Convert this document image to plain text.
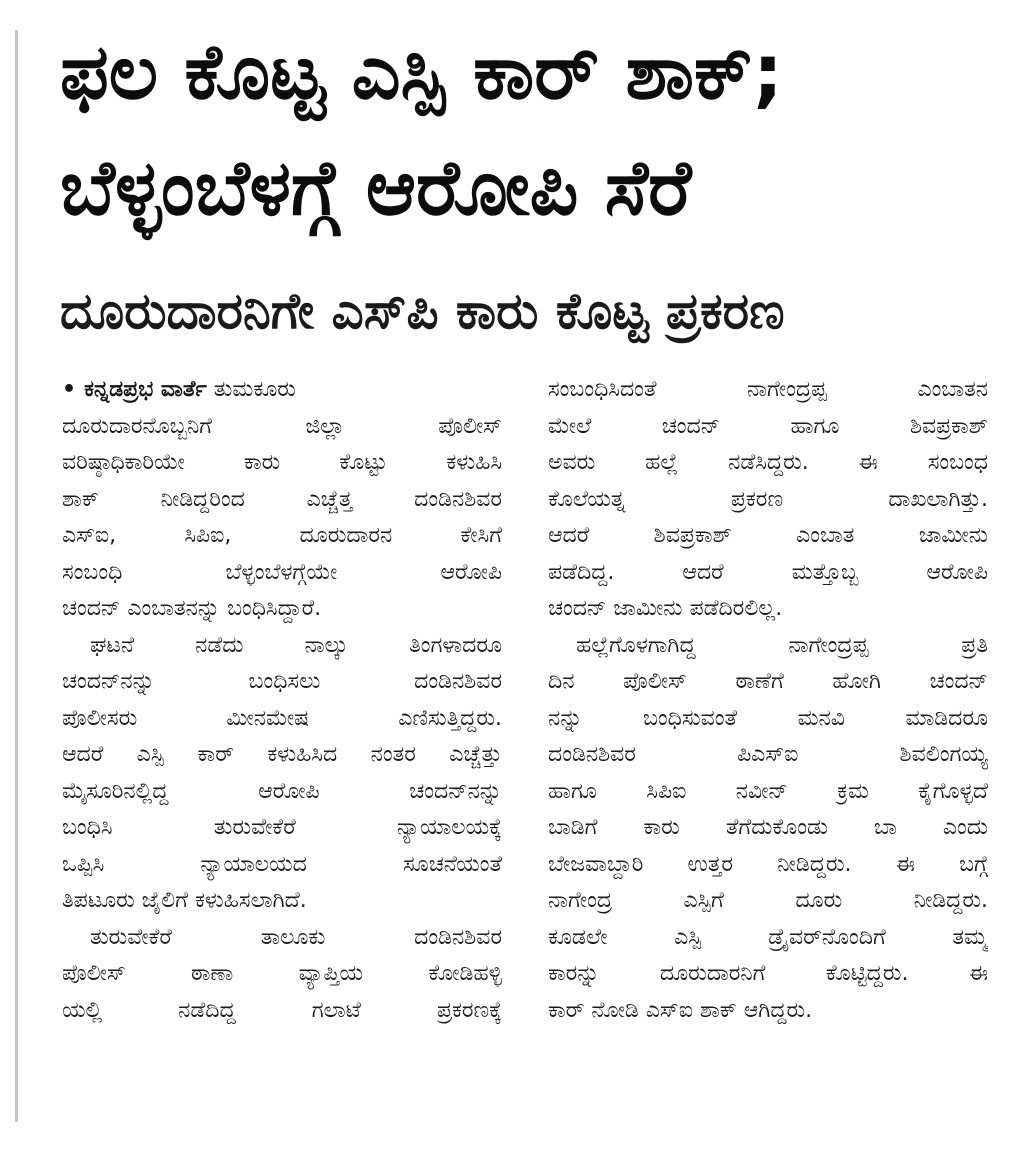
ಫಲ ಕೊಟ್ಟ ಎಸ್ಪಿ ಕಾರ್ ಶಾಕ್;
ಬೆಳ್ಳಂಬೆಳಗ್ಗೆ ಆರೋಪಿ ಸೆರೆ
ದೂರುದಾರನಿಗೇ ಎಸ್‌ಪಿ ಕಾರು ಕೊಟ್ಟ ಪ್ರಕರಣ
• ಕನ್ನಡಪ್ರಭ ವಾರ್ತೆ ತುಮಕೂರು
ದೂರುದಾರನೊಬ್ಬನಿಗೆ ಜಿಲ್ಲಾ ಪೊಲೀಸ್
ವರಿಷ್ಠಾಧಿಕಾರಿಯೇ ಕಾರು ಕೊಟ್ಟು ಕಳುಹಿಸಿ
ಶಾಕ್ ನೀಡಿದ್ದರಿಂದ ಎಚ್ಚೆತ್ತ ದಂಡಿನಶಿವರ
ಎಸ್‌ಐ, ಸಿಪಿಐ, ದೂರುದಾರನ ಕೇಸಿಗೆ
ಸಂಬಂಧಿ ಬೆಳ್ಳಂಬೆಳಗ್ಗೆಯೇ ಆರೋಪಿ
ಚಂದನ್ ಎಂಬಾತನನ್ನು ಬಂಧಿಸಿದ್ದಾರೆ.
ಘಟನೆ ನಡೆದು ನಾಲ್ಕು ತಿಂಗಳಾದರೂ
ಚಂದನ್‌ನನ್ನು ಬಂಧಿಸಲು ದಂಡಿನಶಿವರ
ಪೊಲೀಸರು ಮೀನಮೇಷ ಎಣಿಸುತ್ತಿದ್ದರು.
ಆದರೆ ಎಸ್ಪಿ ಕಾರ್ ಕಳುಹಿಸಿದ ನಂತರ ಎಚ್ಚೆತ್ತು
ಮೈಸೂರಿನಲ್ಲಿದ್ದ ಆರೋಪಿ ಚಂದನ್‌ನನ್ನು
ಬಂಧಿಸಿ ತುರುವೇಕೆರೆ ನ್ಯಾಯಾಲಯಕ್ಕೆ
ಒಪ್ಪಿಸಿ ನ್ಯಾಯಾಲಯದ ಸೂಚನೆಯಂತೆ
ತಿಪಟೂರು ಜೈಲಿಗೆ ಕಳುಹಿಸಲಾಗಿದೆ.
ತುರುವೇಕೆರೆ ತಾಲೂಕು ದಂಡಿನಶಿವರ
ಪೊಲೀಸ್ ಠಾಣಾ ವ್ಯಾಪ್ತಿಯ ಕೋಡಿಹಳ್ಳಿ
ಯಲ್ಲಿ ನಡೆದಿದ್ದ ಗಲಾಟೆ ಪ್ರಕರಣಕ್ಕೆ
ಸಂಬಂಧಿಸಿದಂತೆ ನಾಗೇಂದ್ರಪ್ಪ ಎಂಬಾತನ
ಮೇಲೆ ಚಂದನ್ ಹಾಗೂ ಶಿವಪ್ರಕಾಶ್
ಅವರು ಹಲ್ಲೆ ನಡೆಸಿದ್ದರು. ಈ ಸಂಬಂಧ
ಕೊಲೆಯತ್ನ ಪ್ರಕರಣ ದಾಖಲಾಗಿತ್ತು.
ಆದರೆ ಶಿವಪ್ರಕಾಶ್ ಎಂಬಾತ ಜಾಮೀನು
ಪಡೆದಿದ್ದ. ಆದರೆ ಮತ್ತೊಬ್ಬ ಆರೋಪಿ
ಚಂದನ್ ಜಾಮೀನು ಪಡೆದಿರಲಿಲ್ಲ.
ಹಲ್ಲೆಗೊಳಗಾಗಿದ್ದ ನಾಗೇಂದ್ರಪ್ಪ ಪ್ರತಿ
ದಿನ ಪೊಲೀಸ್ ಠಾಣೆಗೆ ಹೋಗಿ ಚಂದನ್
ನನ್ನು ಬಂಧಿಸುವಂತೆ ಮನವಿ ಮಾಡಿದರೂ
ದಂಡಿನಶಿವರ ಪಿಎಸ್‌ಐ ಶಿವಲಿಂಗಯ್ಯ
ಹಾಗೂ ಸಿಪಿಐ ನವೀನ್ ಕ್ರಮ ಕೈಗೊಳ್ಳದೆ
ಬಾಡಿಗೆ ಕಾರು ತೆಗೆದುಕೊಂಡು ಬಾ ಎಂದು
ಬೇಜವಾಬ್ದಾರಿ ಉತ್ತರ ನೀಡಿದ್ದರು. ಈ ಬಗ್ಗೆ
ನಾಗೇಂದ್ರ ಎಸ್ಪಿಗೆ ದೂರು ನೀಡಿದ್ದರು.
ಕೂಡಲೇ ಎಸ್ಪಿ ಡ್ರೈವರ್‌ನೊಂದಿಗೆ ತಮ್ಮ
ಕಾರನ್ನು ದೂರುದಾರನಿಗೆ ಕೊಟ್ಟಿದ್ದರು. ಈ
ಕಾರ್ ನೋಡಿ ಎಸ್‌ಐ ಶಾಕ್ ಆಗಿದ್ದರು.
